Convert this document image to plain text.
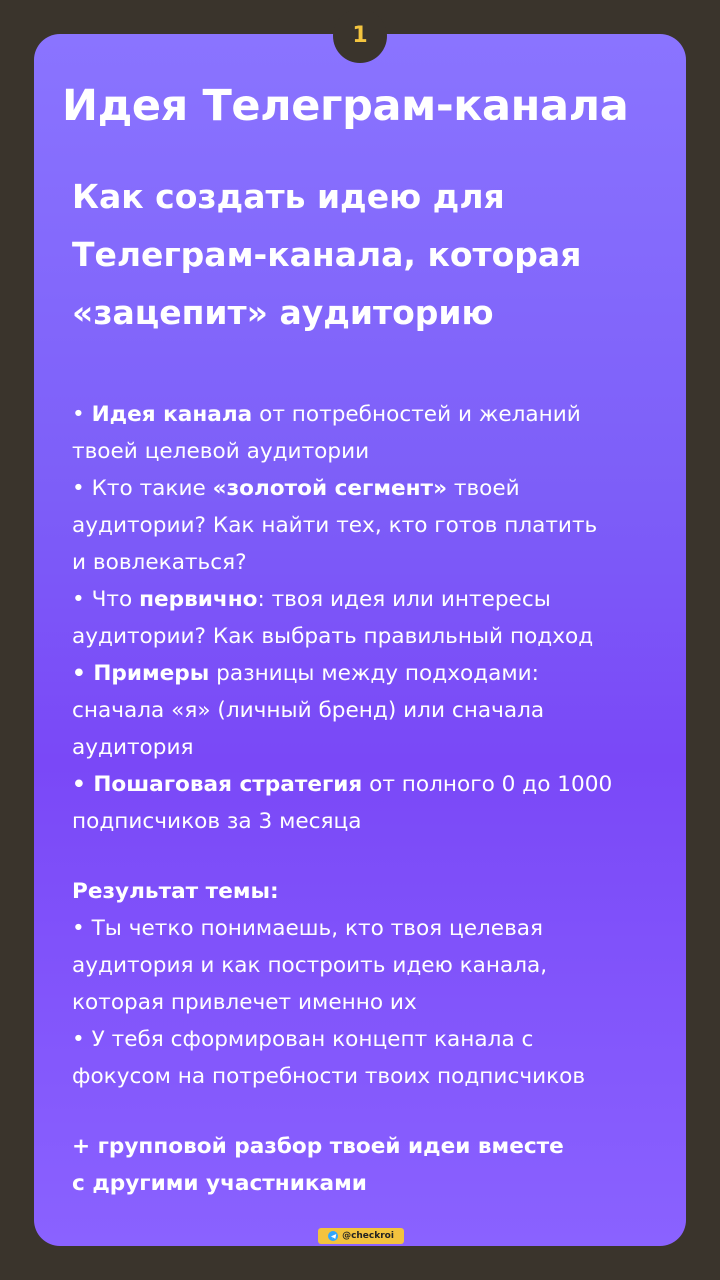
Идея Телеграм-канала
Как создать идею для
Телеграм-канала, которая
«зацепит» аудиторию
• Идея канала от потребностей и желаний
твоей целевой аудитории
• Кто такие «золотой сегмент» твоей
аудитории? Как найти тех, кто готов платить
и вовлекаться?
• Что первично: твоя идея или интересы
аудитории? Как выбрать правильный подход
• Примеры разницы между подходами:
сначала «я» (личный бренд) или сначала
аудитория
• Пошаговая стратегия от полного 0 до 1000
подписчиков за 3 месяца
Результат темы:
• Ты четко понимаешь, кто твоя целевая
аудитория и как построить идею канала,
которая привлечет именно их
• У тебя сформирован концепт канала с
фокусом на потребности твоих подписчиков
+ групповой разбор твоей идеи вместе
с другими участниками
@checkroi
1
